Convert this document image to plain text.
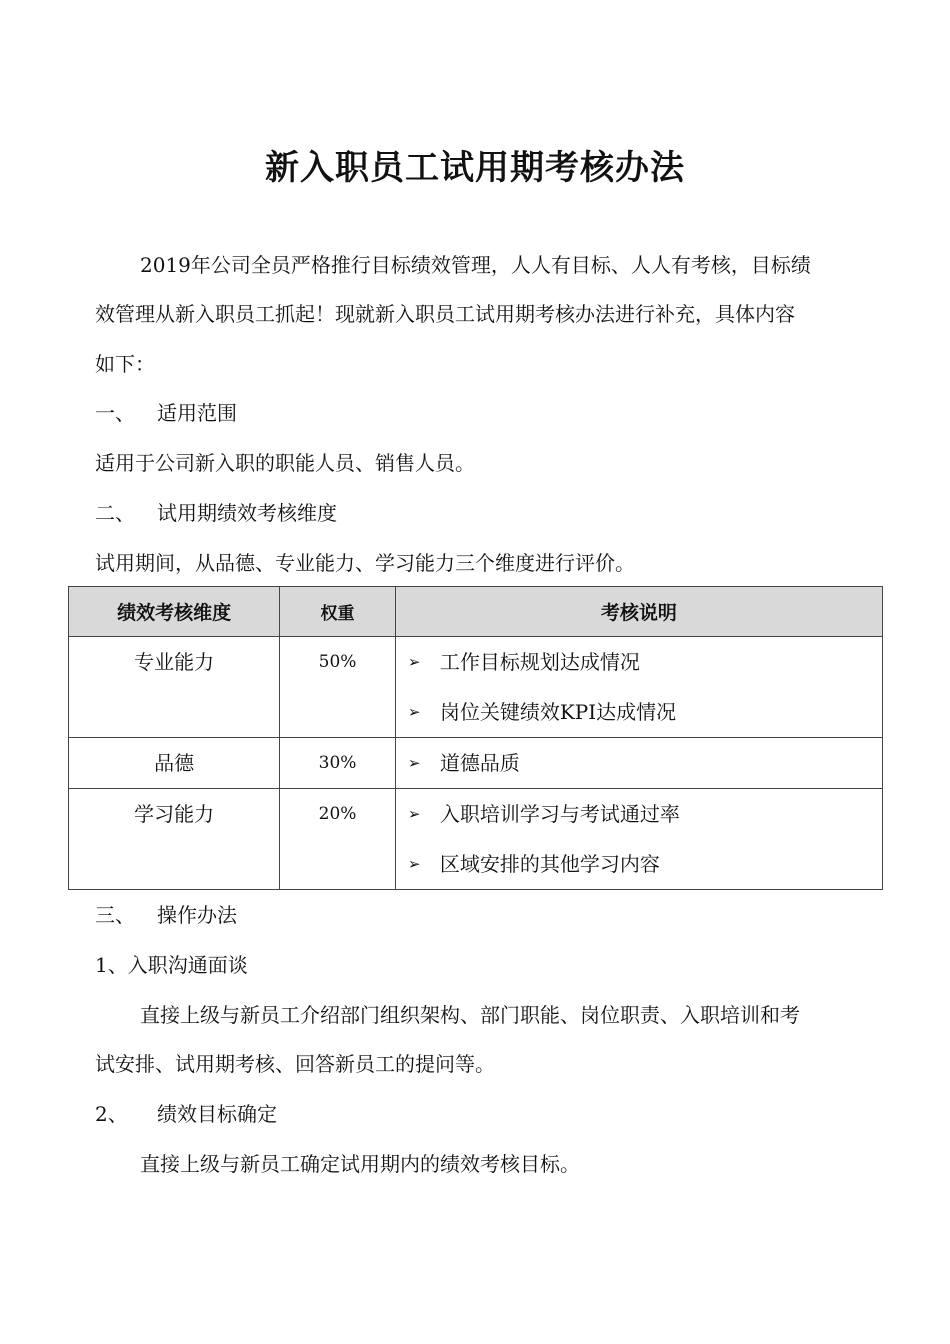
新入职员工试用期考核办法
2019年公司全员严格推行目标绩效管理，人人有目标、人人有考核，目标绩
效管理从新入职员工抓起！现就新入职员工试用期考核办法进行补充，具体内容
如下：
一、 适用范围
适用于公司新入职的职能人员、销售人员。
二、 试用期绩效考核维度
试用期间，从品德、专业能力、学习能力三个维度进行评价。
绩效考核维度	权重	考核说明
专业能力	50%	➢ 工作目标规划达成情况
➢ 岗位关键绩效KPI达成情况

品德	30%	➢ 道德品质

学习能力	20%	➢ 入职培训学习与考试通过率
➢ 区域安排的其他学习内容
三、 操作办法
1、入职沟通面谈
直接上级与新员工介绍部门组织架构、部门职能、岗位职责、入职培训和考
试安排、试用期考核、回答新员工的提问等。
2、 绩效目标确定
直接上级与新员工确定试用期内的绩效考核目标。
